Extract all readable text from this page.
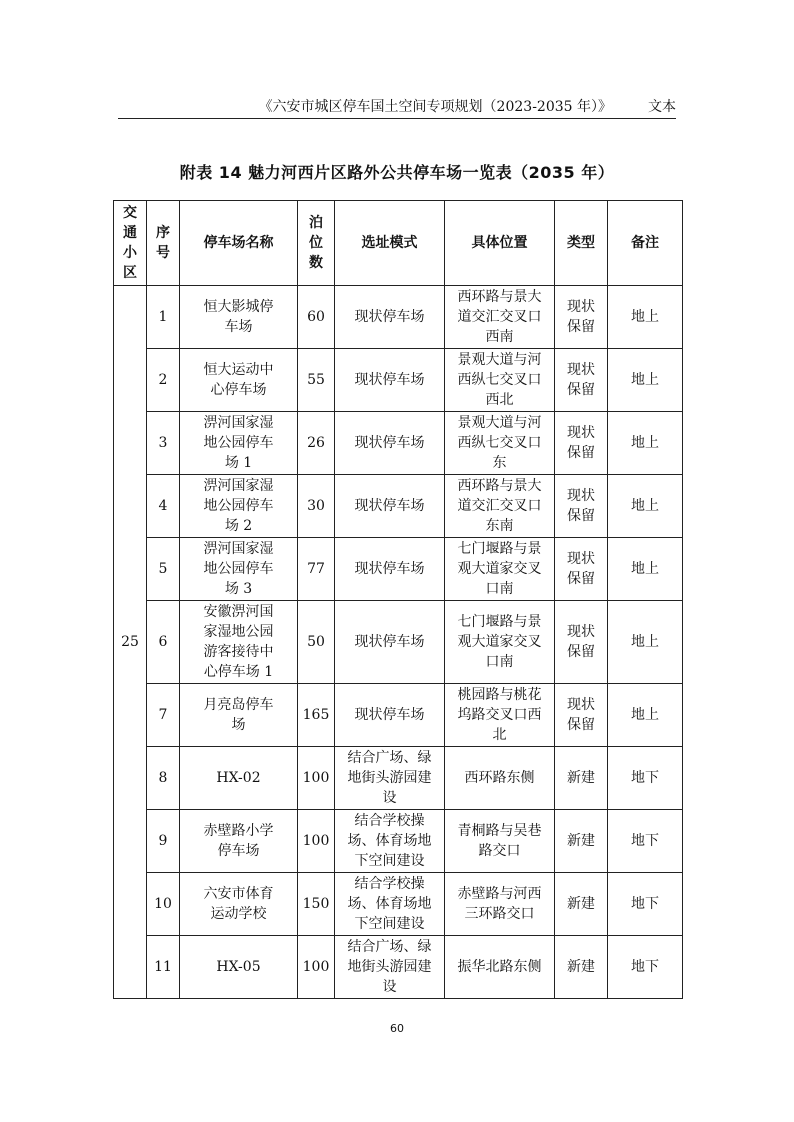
《六安市城区停车国土空间专项规划（2023-2035 年）》	文本
附表 14 魅力河西片区路外公共停车场一览表（2035 年）
交通小区	序号	停车场名称	泊位数	选址模式	具体位置	类型	备注
25	1	恒大影城停车场	60	现状停车场	西环路与景大道交汇交叉口西南	现状保留	地上
	2	恒大运动中心停车场	55	现状停车场	景观大道与河西纵七交叉口西北	现状保留	地上
	3	淠河国家湿地公园停车场 1	26	现状停车场	景观大道与河西纵七交叉口东	现状保留	地上
	4	淠河国家湿地公园停车场 2	30	现状停车场	西环路与景大道交汇交叉口东南	现状保留	地上
	5	淠河国家湿地公园停车场 3	77	现状停车场	七门堰路与景观大道家交叉口南	现状保留	地上
	6	安徽淠河国家湿地公园游客接待中心停车场 1	50	现状停车场	七门堰路与景观大道家交叉口南	现状保留	地上
	7	月亮岛停车场	165	现状停车场	桃园路与桃花坞路交叉口西北	现状保留	地上
	8	HX-02	100	结合广场、绿地街头游园建设	西环路东侧	新建	地下
	9	赤壁路小学停车场	100	结合学校操场、体育场地下空间建设	青桐路与吴巷路交口	新建	地下
	10	六安市体育运动学校	150	结合学校操场、体育场地下空间建设	赤壁路与河西三环路交口	新建	地下
	11	HX-05	100	结合广场、绿地街头游园建设	振华北路东侧	新建	地下
60
